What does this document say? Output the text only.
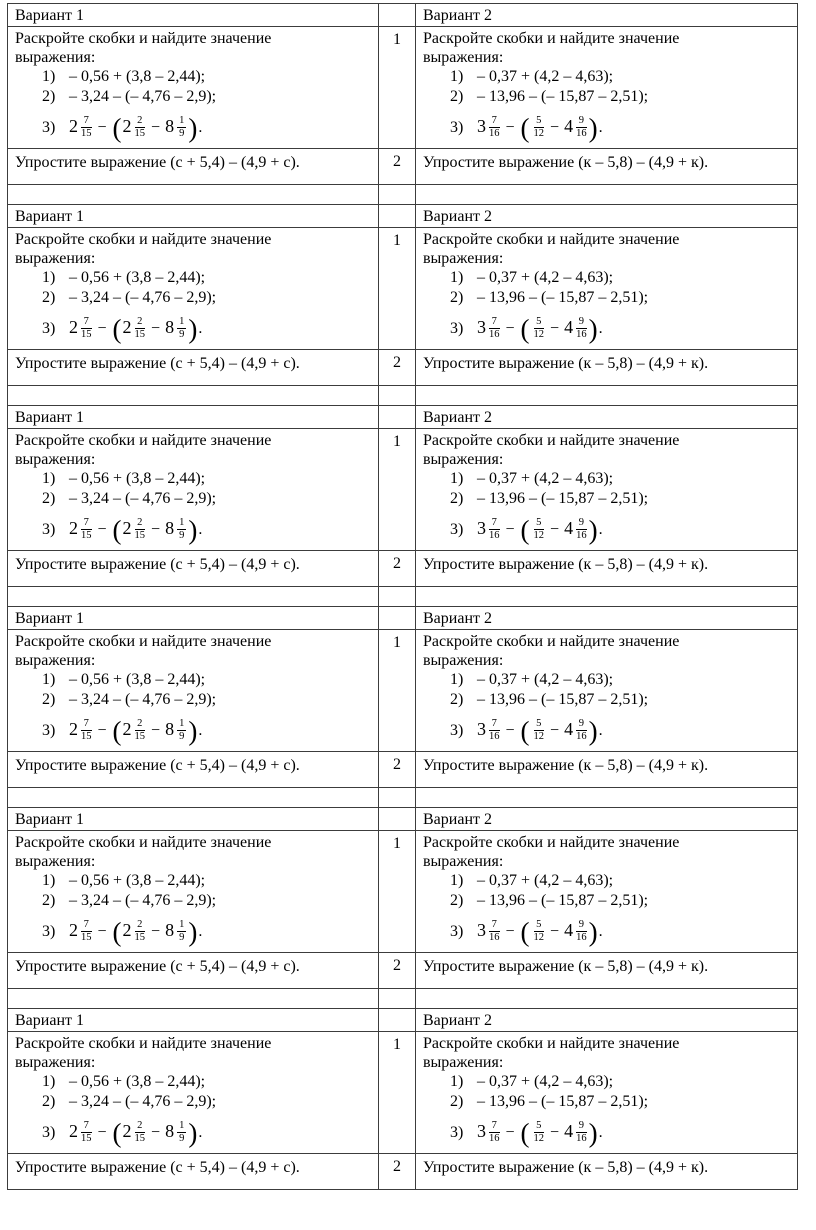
Вариант 1		Вариант 2

Раскройте скобки и найдите значение выражения:
1) – 0,56 + (3,8 – 2,44);
2) – 3,24 – (– 4,76 – 2,9);
3) $2 \frac{7}{15} - (2 \frac{2}{15} - 8 \frac{1}{9}$ ).
	1	Раскройте скобки и найдите значение выражения:
1) – 0,37 + (4,2 – 4,63);
2) – 13,96 – (– 15,87 – 2,51);
3) $3 \frac{7}{16}$ − ( $\frac{5}{12} - 4 \frac{9}{16}$ ).

Упростите выражение (с + 5,4) – (4,9 + с).	2	Упростите выражение (к – 5,8) – (4,9 + к).

Вариант 1		Вариант 2

Раскройте скобки и найдите значение выражения:
1) – 0,56 + (3,8 – 2,44);
2) – 3,24 – (– 4,76 – 2,9);
3) $2 \frac{7}{15} - (2 \frac{2}{15} - 8 \frac{1}{9}$ ).
	1	Раскройте скобки и найдите значение выражения:
1) – 0,37 + (4,2 – 4,63);
2) – 13,96 – (– 15,87 – 2,51);
3) $3 \frac{7}{16}$ − ( $\frac{5}{12} - 4 \frac{9}{16}$ ).

Упростите выражение (с + 5,4) – (4,9 + с).	2	Упростите выражение (к – 5,8) – (4,9 + к).

Вариант 1		Вариант 2

Раскройте скобки и найдите значение выражения:
1) – 0,56 + (3,8 – 2,44);
2) – 3,24 – (– 4,76 – 2,9);
3) $2 \frac{7}{15} - (2 \frac{2}{15} - 8 \frac{1}{9}$ ).
	1	Раскройте скобки и найдите значение выражения:
1) – 0,37 + (4,2 – 4,63);
2) – 13,96 – (– 15,87 – 2,51);
3) $3 \frac{7}{16}$ − ( $\frac{5}{12} - 4 \frac{9}{16}$ ).

Упростите выражение (с + 5,4) – (4,9 + с).	2	Упростите выражение (к – 5,8) – (4,9 + к).

Вариант 1		Вариант 2

Раскройте скобки и найдите значение выражения:
1) – 0,56 + (3,8 – 2,44);
2) – 3,24 – (– 4,76 – 2,9);
3) $2 \frac{7}{15} - (2 \frac{2}{15} - 8 \frac{1}{9}$ ).
	1	Раскройте скобки и найдите значение выражения:
1) – 0,37 + (4,2 – 4,63);
2) – 13,96 – (– 15,87 – 2,51);
3) $3 \frac{7}{16}$ − ( $\frac{5}{12} - 4 \frac{9}{16}$ ).

Упростите выражение (с + 5,4) – (4,9 + с).	2	Упростите выражение (к – 5,8) – (4,9 + к).

Вариант 1		Вариант 2

Раскройте скобки и найдите значение выражения:
1) – 0,56 + (3,8 – 2,44);
2) – 3,24 – (– 4,76 – 2,9);
3) $2 \frac{7}{15} - (2 \frac{2}{15} - 8 \frac{1}{9}$ ).
	1	Раскройте скобки и найдите значение выражения:
1) – 0,37 + (4,2 – 4,63);
2) – 13,96 – (– 15,87 – 2,51);
3) $3 \frac{7}{16}$ − ( $\frac{5}{12} - 4 \frac{9}{16}$ ).

Упростите выражение (с + 5,4) – (4,9 + с).	2	Упростите выражение (к – 5,8) – (4,9 + к).

Вариант 1		Вариант 2

Раскройте скобки и найдите значение выражения:
1) – 0,56 + (3,8 – 2,44);
2) – 3,24 – (– 4,76 – 2,9);
3) $2 \frac{7}{15} - (2 \frac{2}{15} - 8 \frac{1}{9}$ ).
	1	Раскройте скобки и найдите значение выражения:
1) – 0,37 + (4,2 – 4,63);
2) – 13,96 – (– 15,87 – 2,51);
3) $3 \frac{7}{16}$ − ( $\frac{5}{12} - 4 \frac{9}{16}$ ).

Упростите выражение (с + 5,4) – (4,9 + с).	2	Упростите выражение (к – 5,8) – (4,9 + к).
